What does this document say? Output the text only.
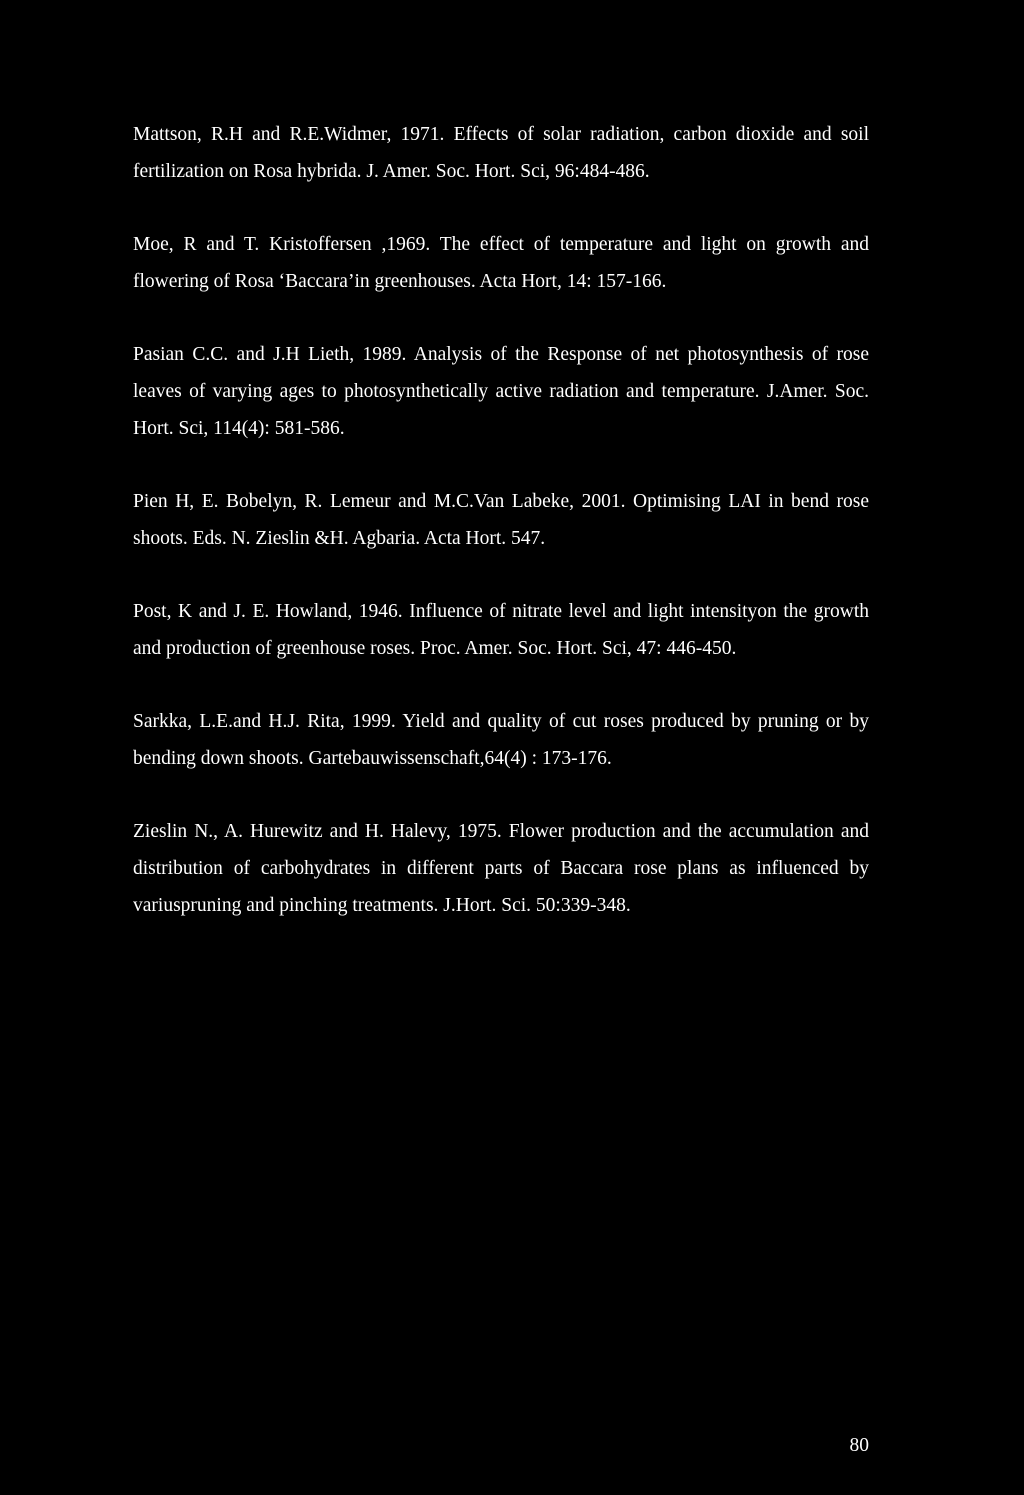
Mattson, R.H and R.E.Widmer, 1971. Effects of solar radiation, carbon dioxide and soil fertilization on Rosa hybrida. J. Amer. Soc. Hort. Sci, 96:484-486.
Moe, R and T. Kristoffersen ,1969. The effect of temperature and light on growth and flowering of Rosa ‘Baccara’in greenhouses. Acta Hort, 14: 157-166.
Pasian C.C. and J.H Lieth, 1989. Analysis of the Response of net photosynthesis of rose leaves of varying ages to photosynthetically active radiation and temperature. J.Amer. Soc. Hort. Sci, 114(4): 581-586.
Pien H, E. Bobelyn, R. Lemeur and M.C.Van Labeke, 2001. Optimising LAI in bend rose shoots. Eds. N. Zieslin &H. Agbaria. Acta Hort. 547.
Post, K and J. E. Howland, 1946. Influence of nitrate level and light intensityon the growth and production of greenhouse roses. Proc. Amer. Soc. Hort. Sci, 47: 446-450.
Sarkka, L.E.and H.J. Rita, 1999. Yield and quality of cut roses produced by pruning or by bending down shoots. Gartebauwissenschaft,64(4) : 173-176.
Zieslin N., A. Hurewitz and H. Halevy, 1975. Flower production and the accumulation and distribution of carbohydrates in different parts of Baccara rose plans as influenced by variuspruning and pinching treatments. J.Hort. Sci. 50:339-348.
80
